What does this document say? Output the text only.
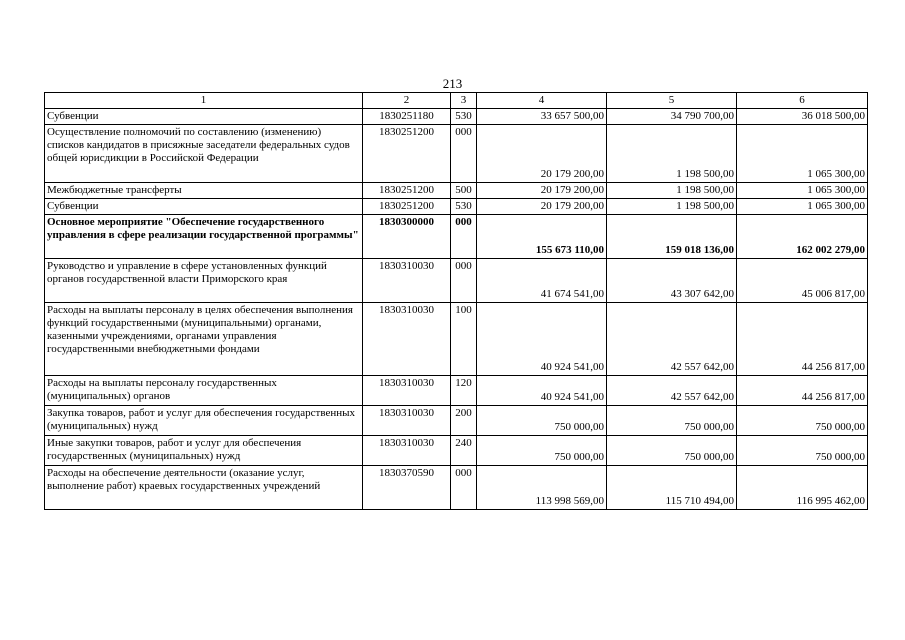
213
1	2	3	4	5	6
Субвенции	1830251180	530	33 657 500,00	34 790 700,00	36 018 500,00
Осуществление полномочий по составлению (изменению) списков кандидатов в присяжные заседатели федеральных судов общей юрисдикции в Российской Федерации	1830251200	000	20 179 200,00	1 198 500,00	1 065 300,00
Межбюджетные трансферты	1830251200	500	20 179 200,00	1 198 500,00	1 065 300,00
Субвенции	1830251200	530	20 179 200,00	1 198 500,00	1 065 300,00
Основное мероприятие "Обеспечение государственного управления в сфере реализации государственной программы"	1830300000	000	155 673 110,00	159 018 136,00	162 002 279,00
Руководство и управление в сфере установленных функций органов государственной власти Приморского края	1830310030	000	41 674 541,00	43 307 642,00	45 006 817,00
Расходы на выплаты персоналу в целях обеспечения выполнения функций государственными (муниципальными) органами, казенными учреждениями, органами управления государственными внебюджетными фондами	1830310030	100	40 924 541,00	42 557 642,00	44 256 817,00
Расходы на выплаты персоналу государственных (муниципальных) органов	1830310030	120	40 924 541,00	42 557 642,00	44 256 817,00
Закупка товаров, работ и услуг для обеспечения государственных (муниципальных) нужд	1830310030	200	750 000,00	750 000,00	750 000,00
Иные закупки товаров, работ и услуг для обеспечения государственных (муниципальных) нужд	1830310030	240	750 000,00	750 000,00	750 000,00
Расходы на обеспечение деятельности (оказание услуг, выполнение работ) краевых государственных учреждений	1830370590	000	113 998 569,00	115 710 494,00	116 995 462,00
